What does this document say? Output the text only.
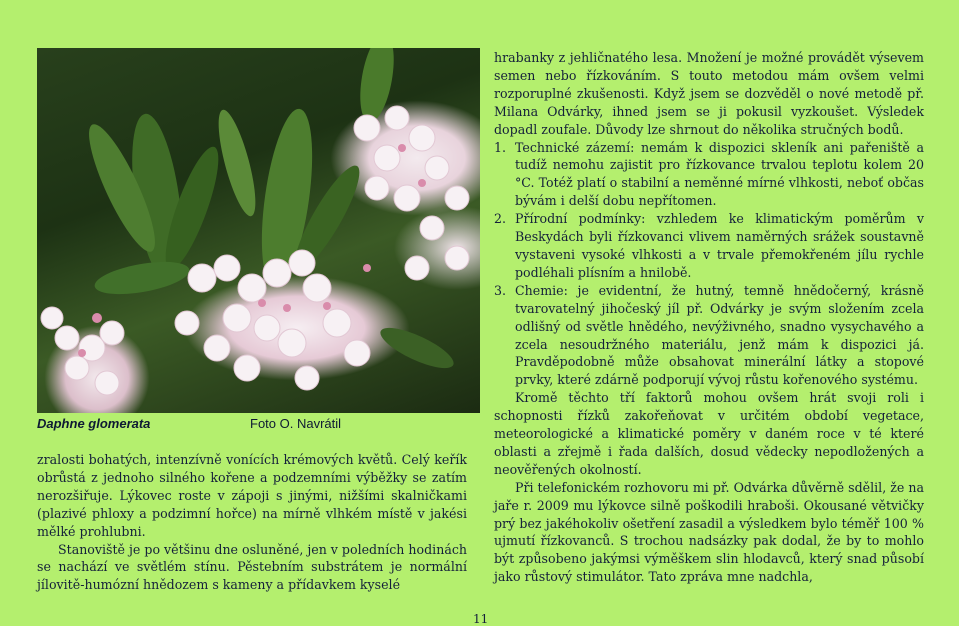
Daphne glomerata	Foto O. Navrátil

zralosti bohatých, intenzívně vonících krémových květů. Celý keřík obrůstá z jednoho silného kořene a podzemními výběžky se zatím nerozšiřuje. Lýkovec roste v zápoji s jinými, nižšími skalničkami (plazivé phloxy a podzimní hořce) na mírně vlhkém místě v jakési mělké prohlubni.

Stanoviště je po většinu dne osluněné, jen v poledních hodinách se nachází ve světlém stínu. Pěstebním substrátem je normální jílovitě-humózní hnědozem s kameny a přídavkem kyselé

hrabanky z jehličnatého lesa. Množení je možné provádět výsevem semen nebo řízkováním. S touto metodou mám ovšem velmi rozporuplné zkušenosti. Když jsem se dozvěděl o nové metodě př. Milana Odvárky, ihned jsem se ji pokusil vyzkoušet. Výsledek dopadl zoufale. Důvody lze shrnout do několika stručných bodů.

1. Technické zázemí: nemám k dispozici skleník ani pařeniště a tudíž nemohu zajistit pro řízkovance trvalou teplotu kolem 20 °C. Totéž platí o stabilní a neměnné mírné vlhkosti, neboť občas bývám i delší dobu nepřítomen.
2. Přírodní podmínky: vzhledem ke klimatickým poměrům v Beskydách byli řízkovanci vlivem naměrných srážek soustavně vystaveni vysoké vlhkosti a v trvale přemokřeném jílu rychle podléhali plísním a hnilobě.
3. Chemie: je evidentní, že hutný, temně hnědočerný, krásně tvarovatelný jihočeský jíl př. Odvárky je svým složením zcela odlišný od světle hnědého, nevýživného, snadno vysychavého a zcela nesoudržného materiálu, jenž mám k dispozici já. Pravděpodobně může obsahovat minerální látky a stopové prvky, které zdárně podporují vývoj růstu kořenového systému.

Kromě těchto tří faktorů mohou ovšem hrát svoji roli i schopnosti řízků zakořeňovat v určitém období vegetace, meteorologické a klimatické poměry v daném roce v té které oblasti a zřejmě i řada dalších, dosud vědecky nepodložených a neověřených okolností.

Při telefonickém rozhovoru mi př. Odvárka důvěrně sdělil, že na jaře r. 2009 mu lýkovce silně poškodili hraboši. Okousané větvičky prý bez jakéhokoliv ošetření zasadil a výsledkem bylo téměř 100 % ujmutí řízkovanců. S trochou nadsázky pak dodal, že by to mohlo být způsobeno jakýmsi výměškem slin hlodavců, který snad působí jako růstový stimulátor. Tato zpráva mne nadchla,

11
